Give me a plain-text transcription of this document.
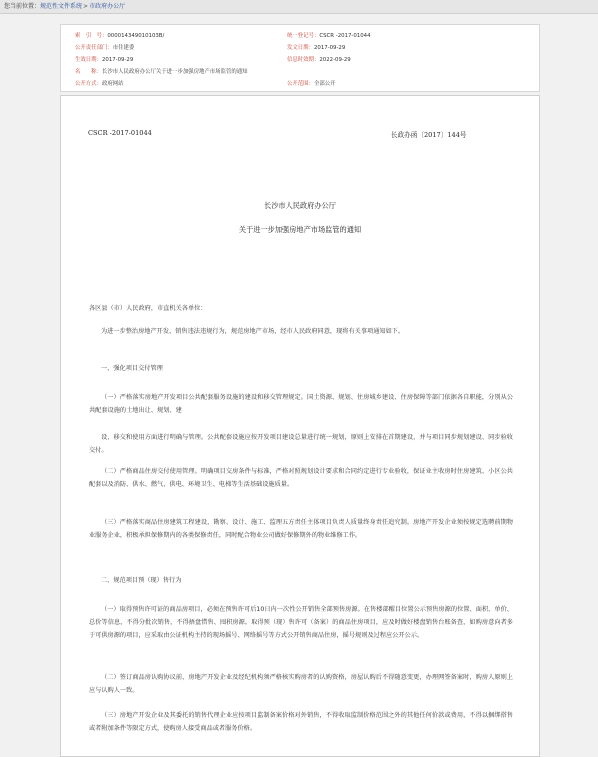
您当前位置：规范性文件系统>市政府办公厅
索　引　号：000014349010103B/	统一登记号：CSCR -2017-01044
公开责任部门：市住建委	发文日期：2017-09-29
生效日期：2017-09-29	信息时效期：2022-09-29
名　　称：长沙市人民政府办公厅关于进一步加强房地产市场监管的通知
公开方式：政府网站	公开范围：全部公开
CSCR -2017-01044	长政办函〔2017〕144号
长沙市人民政府办公厅
关于进一步加强房地产市场监管的通知
各区县（市）人民政府，市直机关各单位：
为进一步整治房地产开发、销售违法违规行为，规范房地产市场，经市人民政府同意，现将有关事项通知如下。
一、强化项目交付管理
（一）严格落实房地产开发项目公共配套服务设施的建设和移交管理规定。国土资源、规划、住房城乡建设、住房保障等部门依据各自职能，分别从公共配套设施的土地出让、规划、建
设、移交和使用方面进行明确与管理。公共配套设施应按开发项目建设总量进行统一规划，原则上安排在首期建设，并与项目同步规划建设、同步验收交付。
（二）严格商品住房交付使用管理。明确项目交房条件与标准，严格对照规划设计要求和合同约定进行专业验收，保证业主收房时住房建筑、小区公共配套以及消防、供水、燃气、供电、环境卫生、电梯等生活基础设施质量。
（三）严格落实商品住房建筑工程建设、勘察、设计、施工、监理五方责任主体项目负责人质量终身责任追究制。房地产开发企业须按规定选聘前期物业服务企业，积极承担保修期内的各类保修责任，同时配合物业公司做好保修期外的物业维修工作。
二、规范项目预（现）售行为
（一）取得预售许可证的商品房项目，必须在预售许可后10日内一次性公开销售全部预售房源。在售楼部醒目位置公示预售房源的位置、面积、单价、总价等信息，不得分批次销售，不得捂盘惜售、囤积房源。取得预（现）售许可（备案）的商品住房项目，应及时做好楼盘销售台账备查，如购房意向者多于可供房源的项目，应采取由公证机构主持的现场摇号、网络摇号等方式公开销售商品住房，摇号规则及过程应公开公示。
（二）签订商品房认购协议前，房地产开发企业及经纪机构须严格核实购房者的认购资格，房屋认购后不得随意变更，办理网签备案时，购房人原则上应与认购人一致。
（三）房地产开发企业及其委托的销售代理企业应按项目监制备案价格对外销售，不得收取监制价格范围之外的其他任何价款或费用，不得以捆绑搭售或者附加条件等限定方式，使购房人接受商品或者服务价格。
